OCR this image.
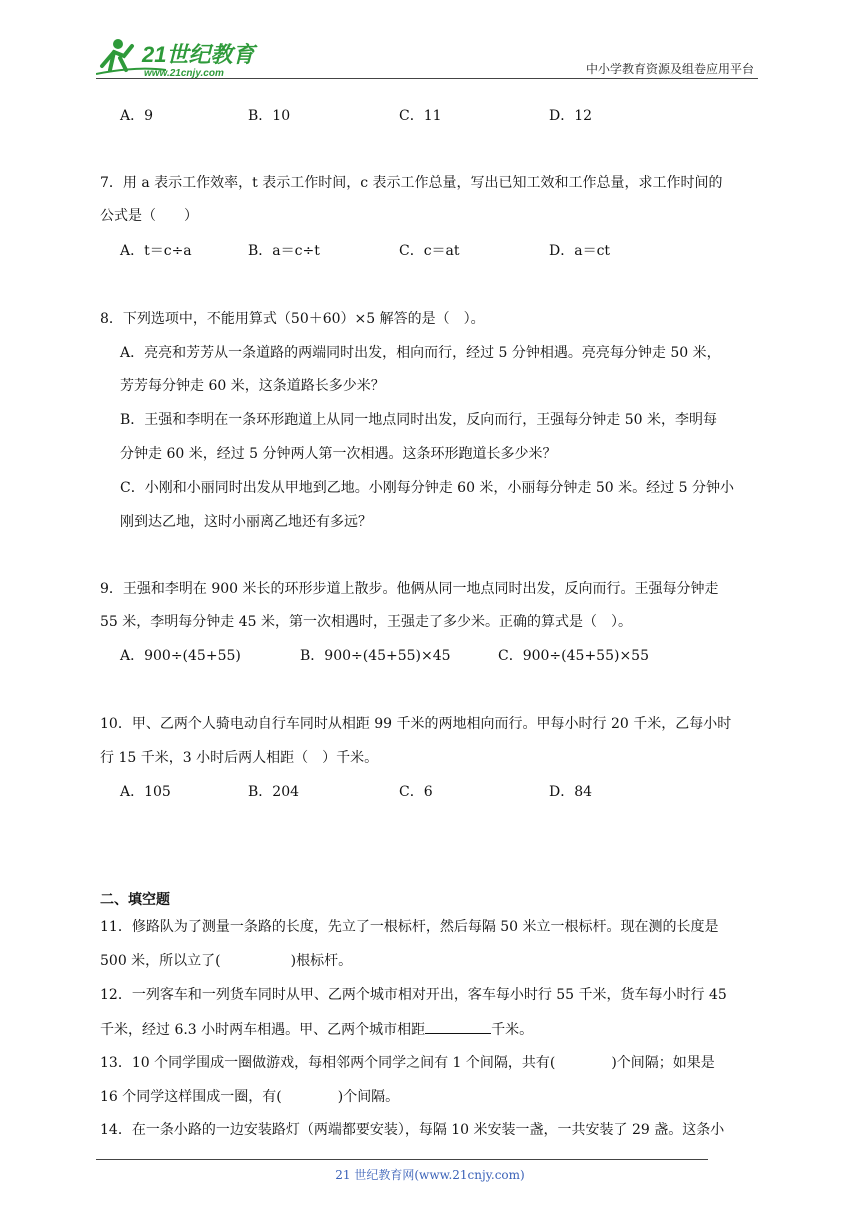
21世纪教育
www.21cnjy.com	中小学教育资源及组卷应用平台
A．9	B．10	C．11	D．12
7．用 a 表示工作效率，t 表示工作时间，c 表示工作总量，写出已知工效和工作总量，求工作时间的
公式是（　　）
A．t＝c÷a	B．a＝c÷t	C．c＝at	D．a＝ct
8．下列选项中，不能用算式（50＋60）×5 解答的是（　）。
A．亮亮和芳芳从一条道路的两端同时出发，相向而行，经过 5 分钟相遇。亮亮每分钟走 50 米，
芳芳每分钟走 60 米，这条道路长多少米？
B．王强和李明在一条环形跑道上从同一地点同时出发，反向而行，王强每分钟走 50 米，李明每
分钟走 60 米，经过 5 分钟两人第一次相遇。这条环形跑道长多少米？
C．小刚和小丽同时出发从甲地到乙地。小刚每分钟走 60 米，小丽每分钟走 50 米。经过 5 分钟小
刚到达乙地，这时小丽离乙地还有多远？
9．王强和李明在 900 米长的环形步道上散步。他俩从同一地点同时出发，反向而行。王强每分钟走
55 米，李明每分钟走 45 米，第一次相遇时，王强走了多少米。正确的算式是（　）。
A．900÷(45+55)	B．900÷(45+55)×45	C．900÷(45+55)×55
10．甲、乙两个人骑电动自行车同时从相距 99 千米的两地相向而行。甲每小时行 20 千米，乙每小时
行 15 千米，3 小时后两人相距（　）千米。
A．105	B．204	C．6	D．84
二、填空题
11．修路队为了测量一条路的长度，先立了一根标杆，然后每隔 50 米立一根标杆。现在测的长度是
500 米，所以立了(　　　　　)根标杆。
12．一列客车和一列货车同时从甲、乙两个城市相对开出，客车每小时行 55 千米，货车每小时行 45
千米，经过 6.3 小时两车相遇。甲、乙两个城市相距	千米。
13．10 个同学围成一圈做游戏，每相邻两个同学之间有 1 个间隔，共有(　　　　)个间隔；如果是
16 个同学这样围成一圈，有(　　　　)个间隔。
14．在一条小路的一边安装路灯（两端都要安装），每隔 10 米安装一盏，一共安装了 29 盏。这条小
21 世纪教育网(www.21cnjy.com)
